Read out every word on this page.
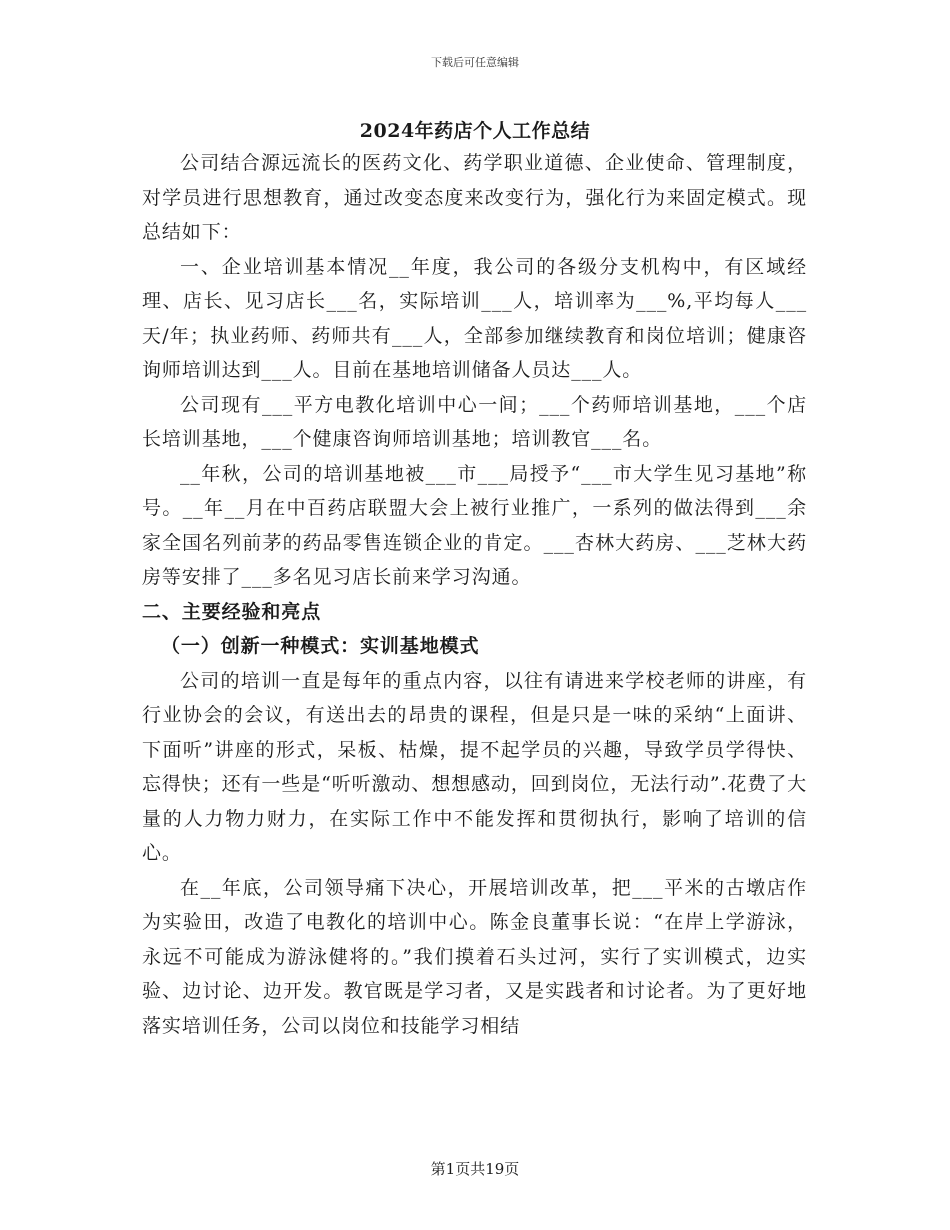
下载后可任意编辑
2024年药店个人工作总结

公司结合源远流长的医药文化、药学职业道德、企业使命、管理制度，对学员进行思想教育，通过改变态度来改变行为，强化行为来固定模式。现总结如下：

一、企业培训基本情况__年度，我公司的各级分支机构中，有区域经理、店长、见习店长___名，实际培训___人，培训率为___%,平均每人___天/年；执业药师、药师共有___人，全部参加继续教育和岗位培训；健康咨询师培训达到___人。目前在基地培训储备人员达___人。

公司现有___平方电教化培训中心一间；___个药师培训基地，___个店长培训基地，___个健康咨询师培训基地；培训教官___名。

__年秋，公司的培训基地被___市___局授予“___市大学生见习基地”称号。__年__月在中百药店联盟大会上被行业推广，一系列的做法得到___余家全国名列前茅的药品零售连锁企业的肯定。___杏林大药房、___芝林大药房等安排了___多名见习店长前来学习沟通。

二、主要经验和亮点

（一）创新一种模式：实训基地模式

公司的培训一直是每年的重点内容，以往有请进来学校老师的讲座，有行业协会的会议，有送出去的昂贵的课程，但是只是一味的采纳“上面讲、下面听”讲座的形式，呆板、枯燥，提不起学员的兴趣，导致学员学得快、忘得快；还有一些是“听听激动、想想感动，回到岗位，无法行动”.花费了大量的人力物力财力，在实际工作中不能发挥和贯彻执行，影响了培训的信心。

在__年底，公司领导痛下决心，开展培训改革，把___平米的古墩店作为实验田，改造了电教化的培训中心。陈金良董事长说：“在岸上学游泳，永远不可能成为游泳健将的。”我们摸着石头过河，实行了实训模式，边实验、边讨论、边开发。教官既是学习者，又是实践者和讨论者。为了更好地落实培训任务，公司以岗位和技能学习相结

第1页共19页
